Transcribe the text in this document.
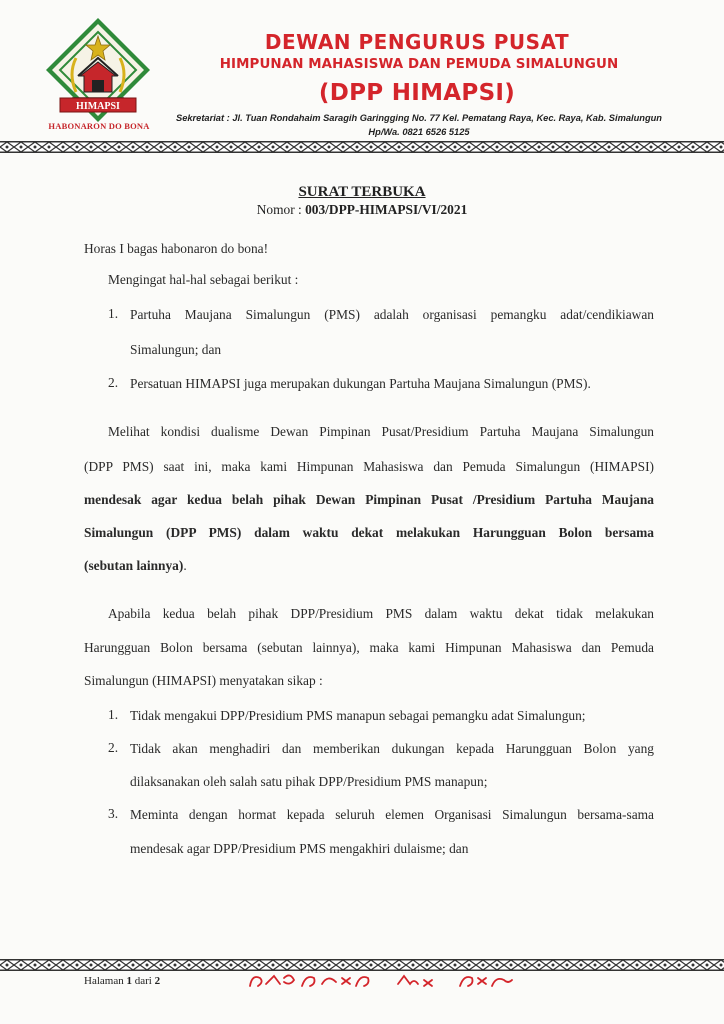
HIMAPSI
HABONARON DO BONA
DEWAN PENGURUS PUSAT
HIMPUNAN MAHASISWA DAN PEMUDA SIMALUNGUN
(DPP HIMAPSI)
Sekretariat : Jl. Tuan Rondahaim Saragih Garingging No. 77 Kel. Pematang Raya, Kec. Raya, Kab. Simalungun
Hp/Wa. 0821 6526 5125
SURAT TERBUKA
Nomor : 003/DPP-HIMAPSI/VI/2021
Horas I bagas habonaron do bona!
Mengingat hal-hal sebagai berikut :
1. Partuha Maujana Simalungun (PMS) adalah organisasi pemangku adat/cendikiawan
Simalungun; dan
2. Persatuan HIMAPSI juga merupakan dukungan Partuha Maujana Simalungun (PMS).
Melihat kondisi dualisme Dewan Pimpinan Pusat/Presidium Partuha Maujana Simalungun
(DPP PMS) saat ini, maka kami Himpunan Mahasiswa dan Pemuda Simalungun (HIMAPSI)
mendesak agar kedua belah pihak Dewan Pimpinan Pusat /Presidium Partuha Maujana
Simalungun (DPP PMS) dalam waktu dekat melakukan Harungguan Bolon bersama
(sebutan lainnya).
Apabila kedua belah pihak DPP/Presidium PMS dalam waktu dekat tidak melakukan
Harungguan Bolon bersama (sebutan lainnya), maka kami Himpunan Mahasiswa dan Pemuda
Simalungun (HIMAPSI) menyatakan sikap :
1. Tidak mengakui DPP/Presidium PMS manapun sebagai pemangku adat Simalungun;
2. Tidak akan menghadiri dan memberikan dukungan kepada Harungguan Bolon yang
dilaksanakan oleh salah satu pihak DPP/Presidium PMS manapun;
3. Meminta dengan hormat kepada seluruh elemen Organisasi Simalungun bersama-sama
mendesak agar DPP/Presidium PMS mengakhiri dulaisme; dan
Halaman 1 dari 2
